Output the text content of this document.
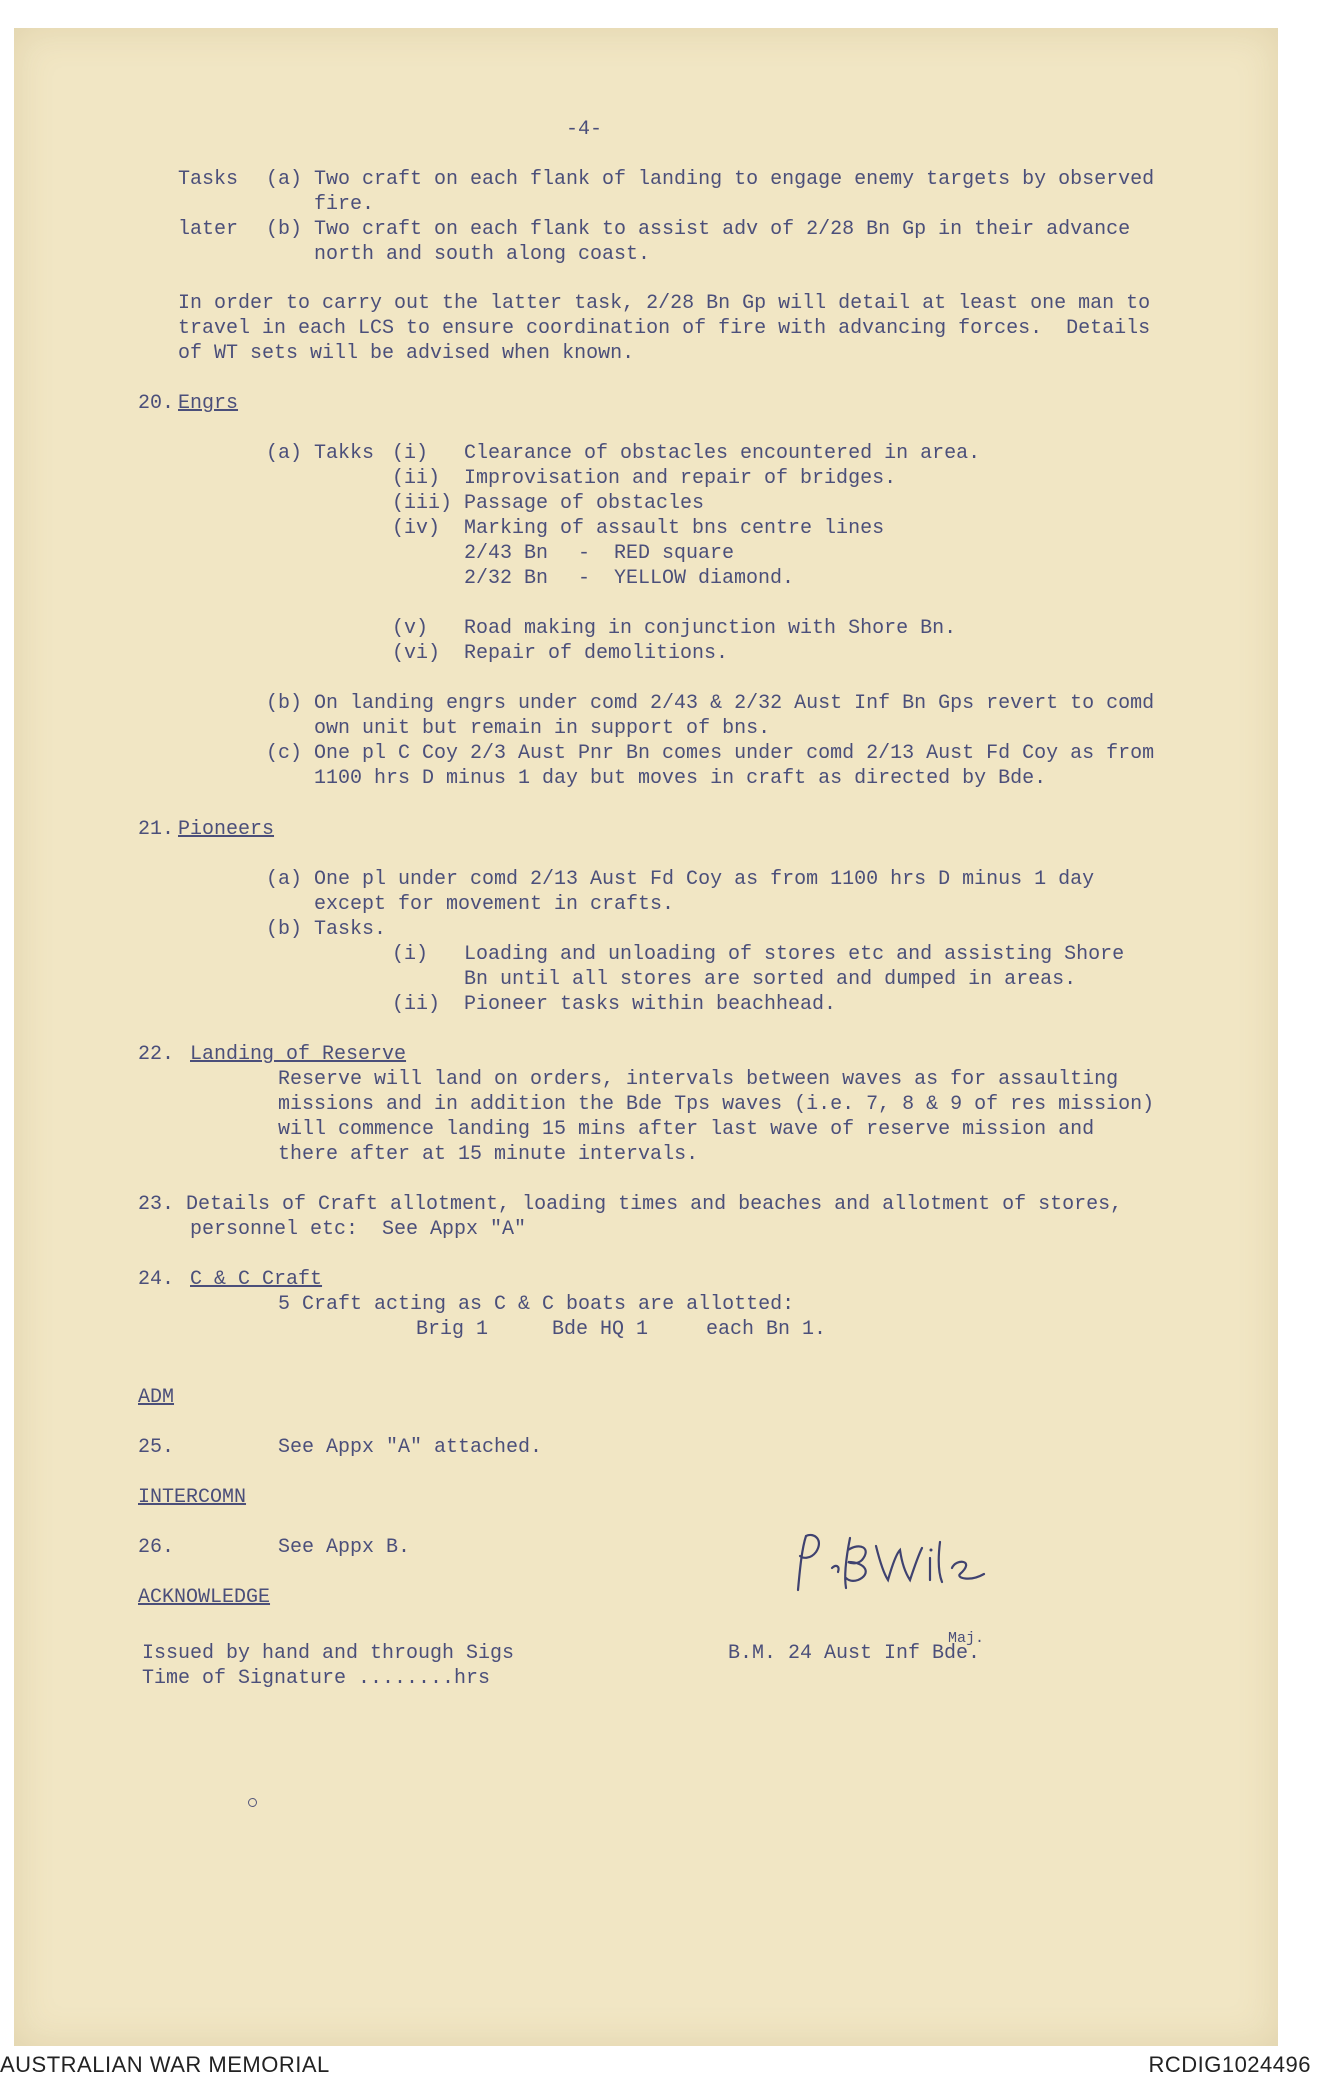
-4-
Tasks (a) Two craft on each flank of landing to engage enemy targets by observed
fire.
later (b) Two craft on each flank to assist adv of 2/28 Bn Gp in their advance
north and south along coast.
In order to carry out the latter task, 2/28 Bn Gp will detail at least one man to
travel in each LCS to ensure coordination of fire with advancing forces.  Details
of WT sets will be advised when known.
20. Engrs
(a) Takks (i) Clearance of obstacles encountered in area.
(ii) Improvisation and repair of bridges.
(iii) Passage of obstacles
(iv) Marking of assault bns centre lines
2/43 Bn - RED square
2/32 Bn - YELLOW diamond.
(v) Road making in conjunction with Shore Bn.
(vi) Repair of demolitions.
(b) On landing engrs under comd 2/43 & 2/32 Aust Inf Bn Gps revert to comd
own unit but remain in support of bns.
(c) One pl C Coy 2/3 Aust Pnr Bn comes under comd 2/13 Aust Fd Coy as from
1100 hrs D minus 1 day but moves in craft as directed by Bde.
21. Pioneers
(a) One pl under comd 2/13 Aust Fd Coy as from 1100 hrs D minus 1 day
except for movement in crafts.
(b) Tasks.
(i) Loading and unloading of stores etc and assisting Shore
Bn until all stores are sorted and dumped in areas.
(ii) Pioneer tasks within beachhead.
22. Landing of Reserve
Reserve will land on orders, intervals between waves as for assaulting
missions and in addition the Bde Tps waves (i.e. 7, 8 & 9 of res mission)
will commence landing 15 mins after last wave of reserve mission and
there after at 15 minute intervals.
23. Details of Craft allotment, loading times and beaches and allotment of stores,
personnel etc:  See Appx "A"
24. C & C Craft
5 Craft acting as C & C boats are allotted:
Brig 1	Bde HQ 1	each Bn 1.
ADM
25.	See Appx "A" attached.
INTERCOMN
26.	See Appx B.
ACKNOWLEDGE
Issued by hand and through Sigs
Time of Signature ........hrs
Maj.
B.M. 24 Aust Inf Bde.
AUSTRALIAN WAR MEMORIAL	RCDIG1024496
